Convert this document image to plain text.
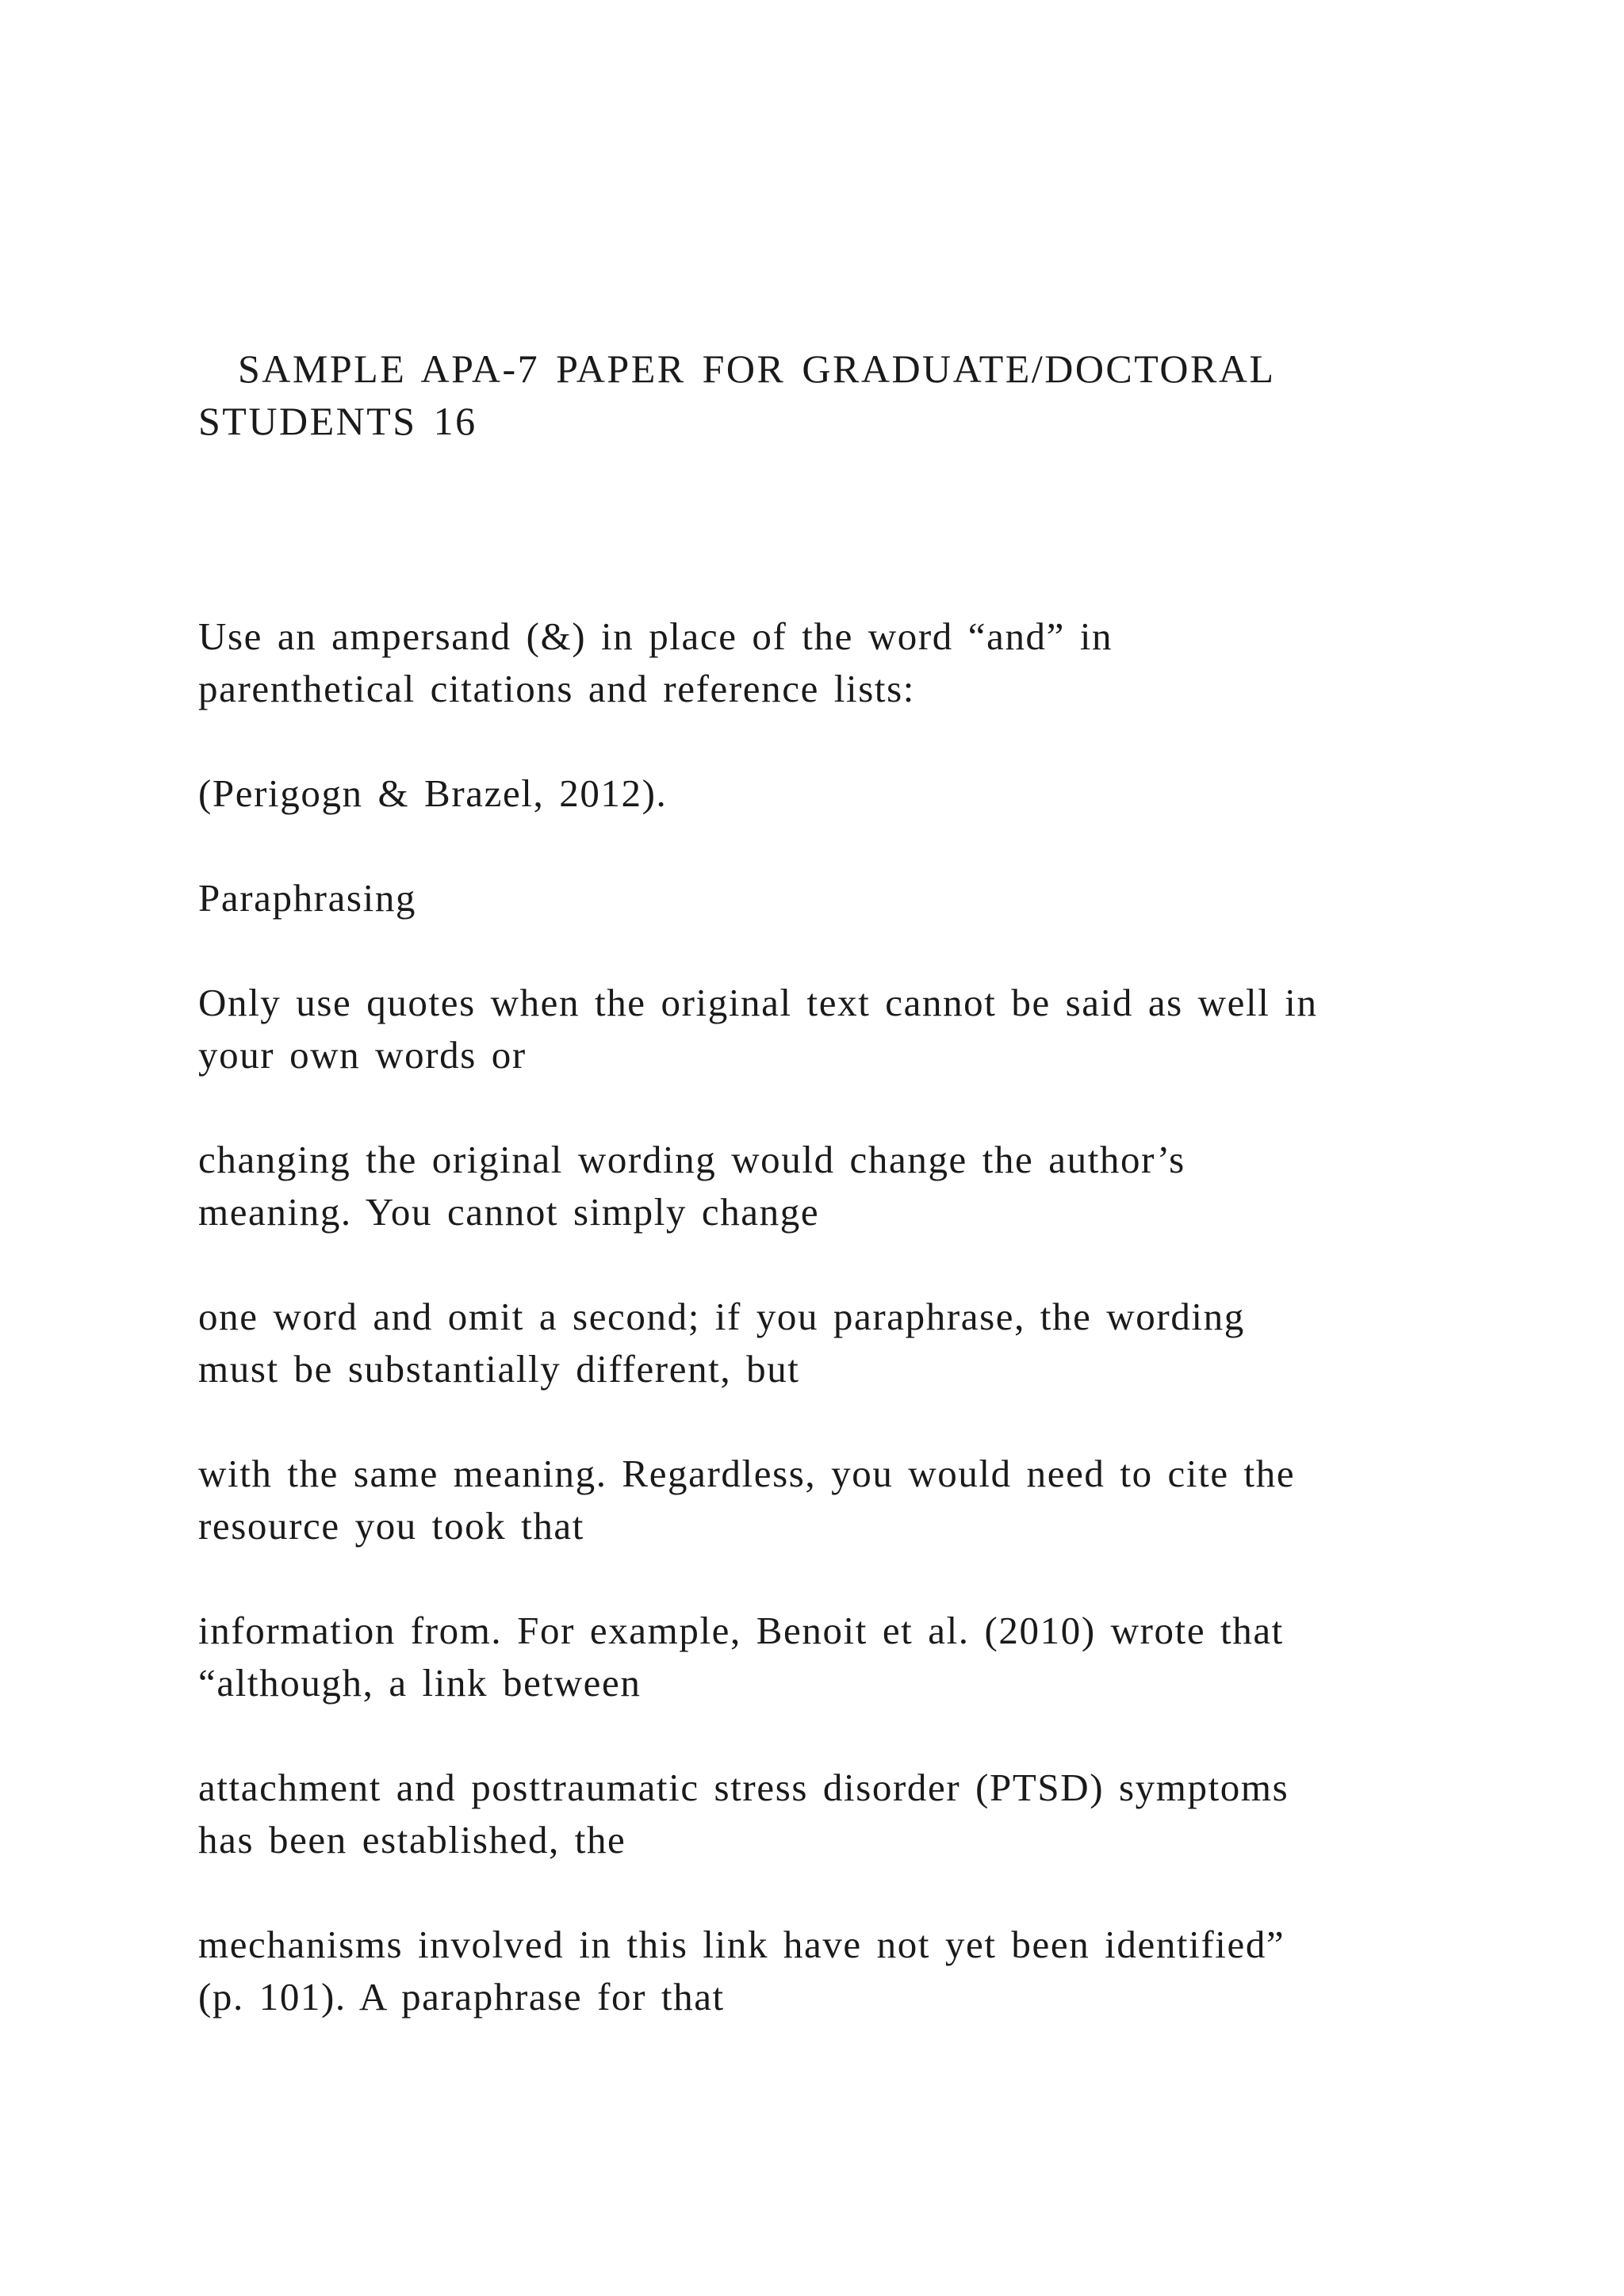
SAMPLE APA-7 PAPER FOR GRADUATE/DOCTORAL
STUDENTS 16

Use an ampersand (&) in place of the word “and” in
parenthetical citations and reference lists:

(Perigogn & Brazel, 2012).

Paraphrasing

Only use quotes when the original text cannot be said as well in
your own words or

changing the original wording would change the author’s
meaning. You cannot simply change

one word and omit a second; if you paraphrase, the wording
must be substantially different, but

with the same meaning. Regardless, you would need to cite the
resource you took that

information from. For example, Benoit et al. (2010) wrote that
“although, a link between

attachment and posttraumatic stress disorder (PTSD) symptoms
has been established, the

mechanisms involved in this link have not yet been identified”
(p. 101). A paraphrase for that
